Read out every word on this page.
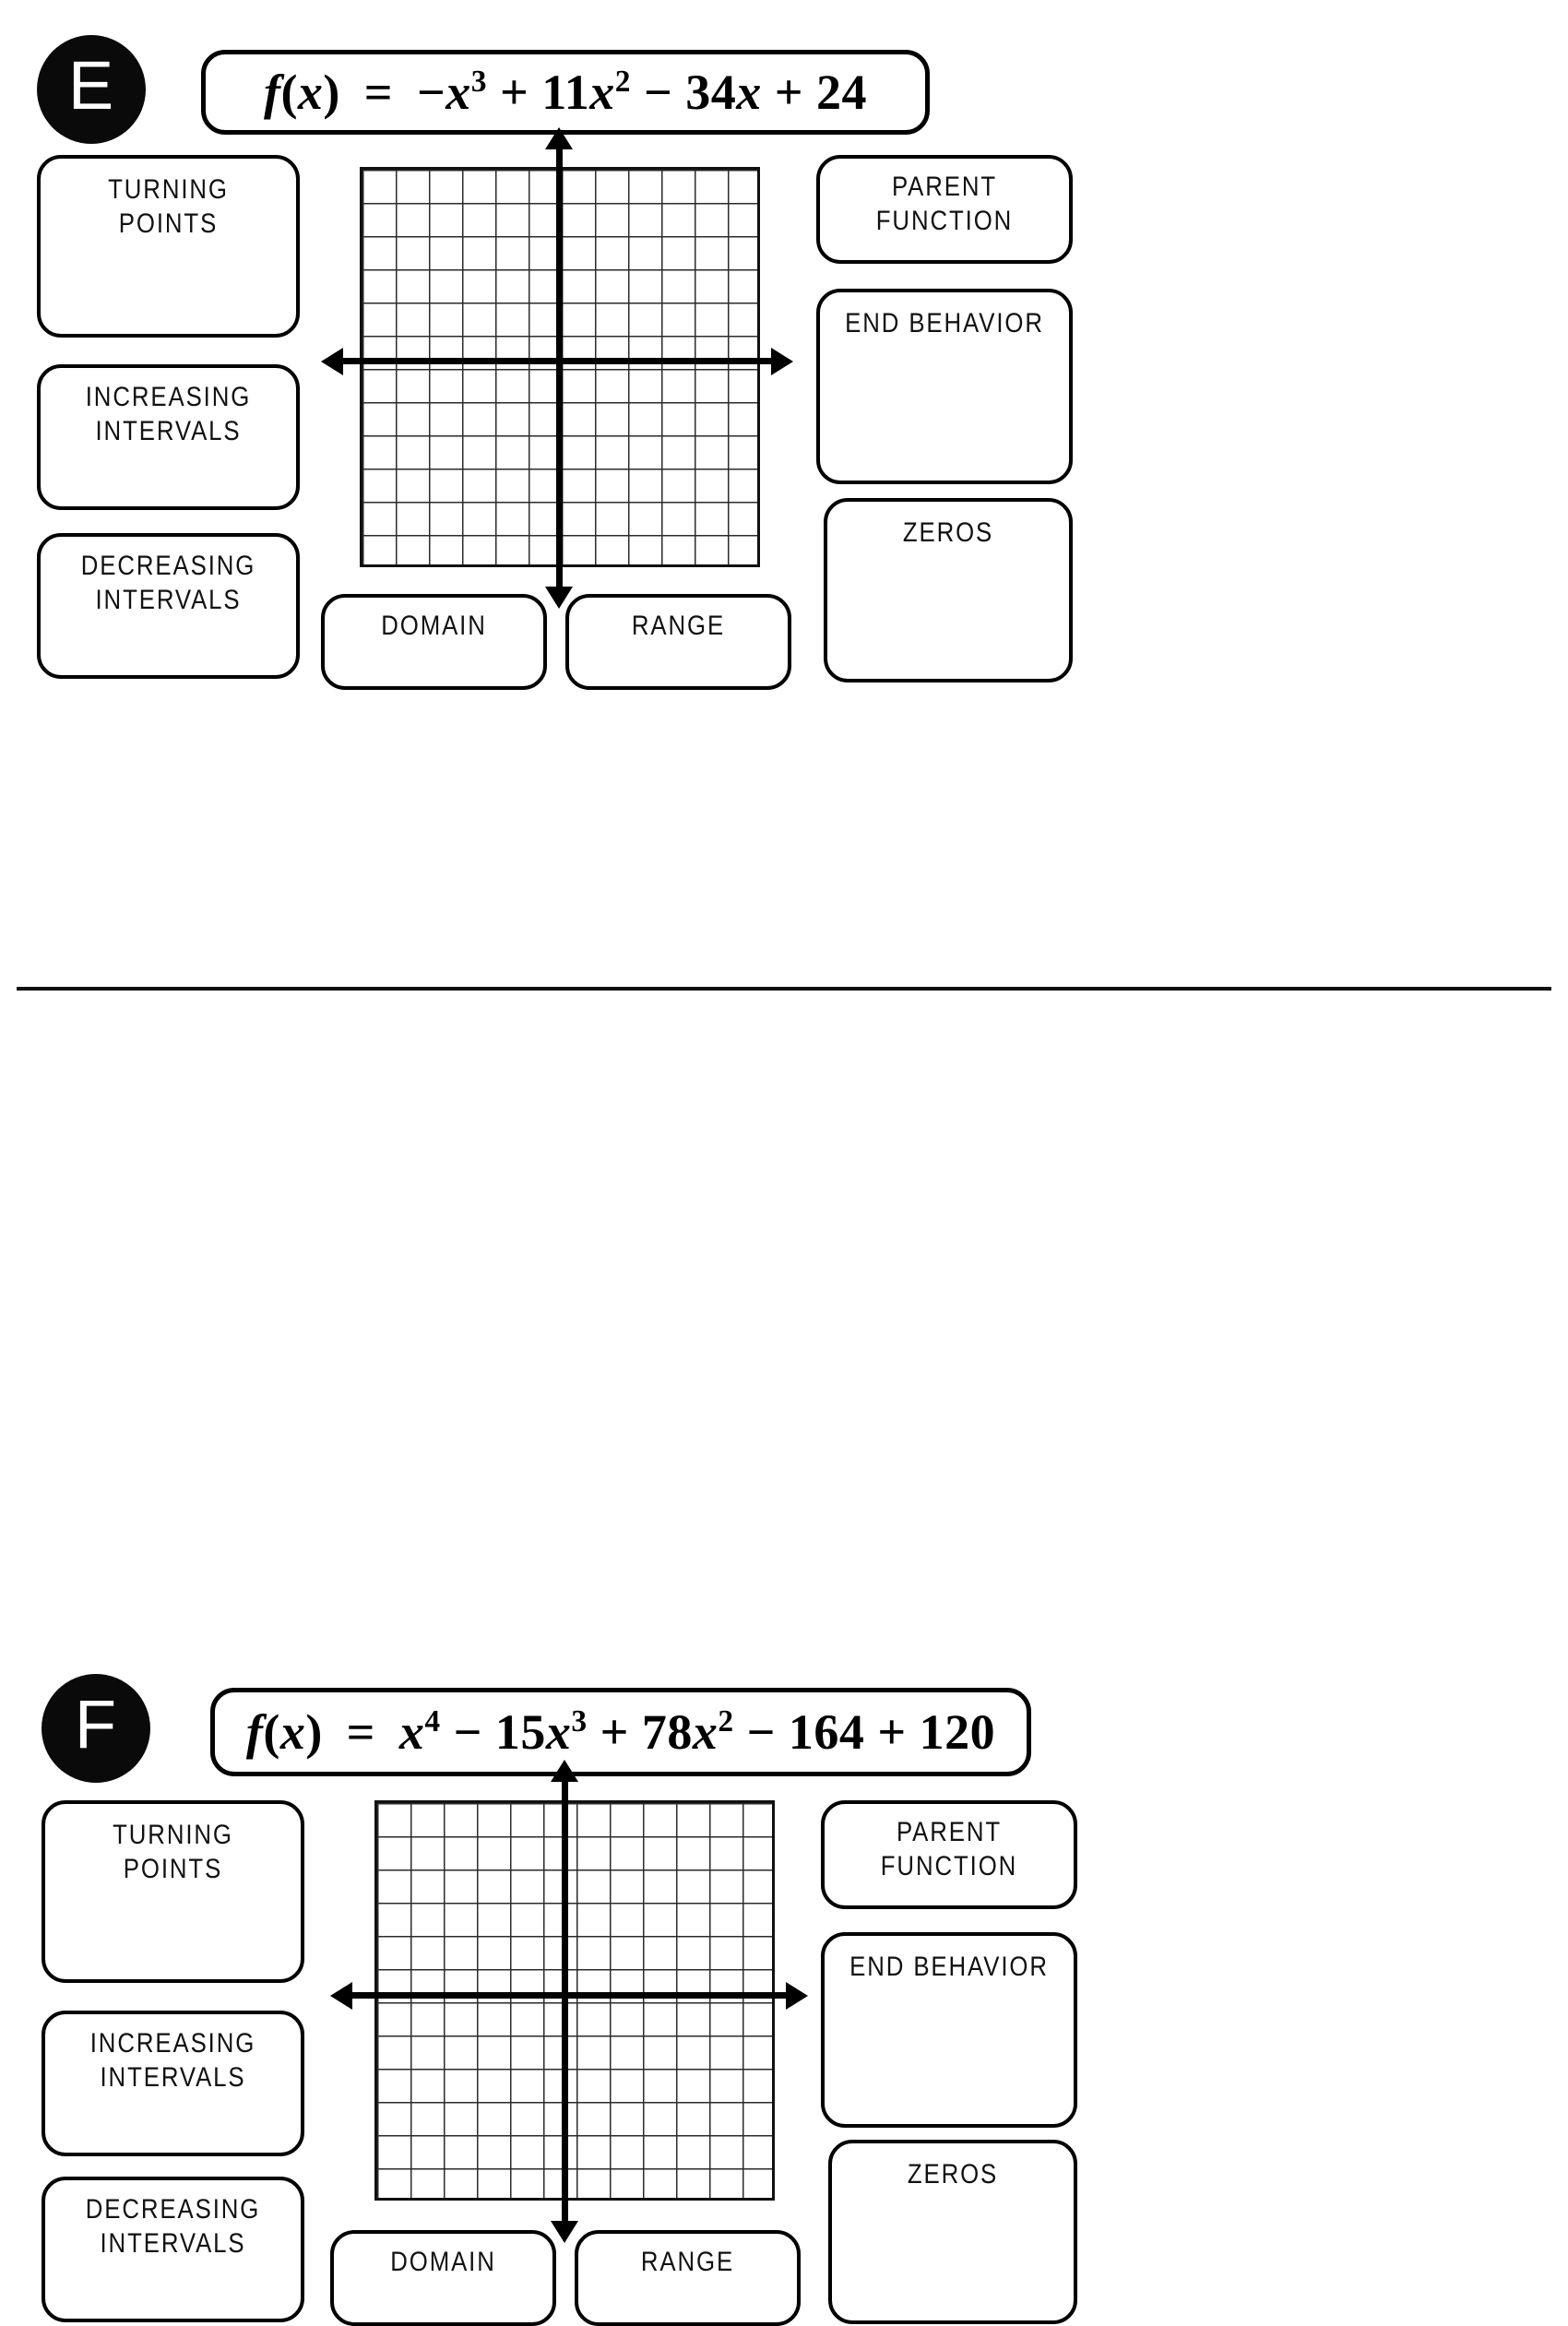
E	$f(x) = -x^3 + 11x^2 - 34x + 24$
TURNING POINTS
INCREASING
INTERVALS
DECREASING
INTERVALS
DOMAIN	RANGE
PARENT FUNCTION
END BEHAVIOR
ZEROS
F	$f(x) = x^4 - 15x^3 + 78x^2 - 164 + 120$
TURNING POINTS
INCREASING
INTERVALS
DECREASING
INTERVALS
DOMAIN	RANGE
PARENT FUNCTION
END BEHAVIOR
ZEROS
